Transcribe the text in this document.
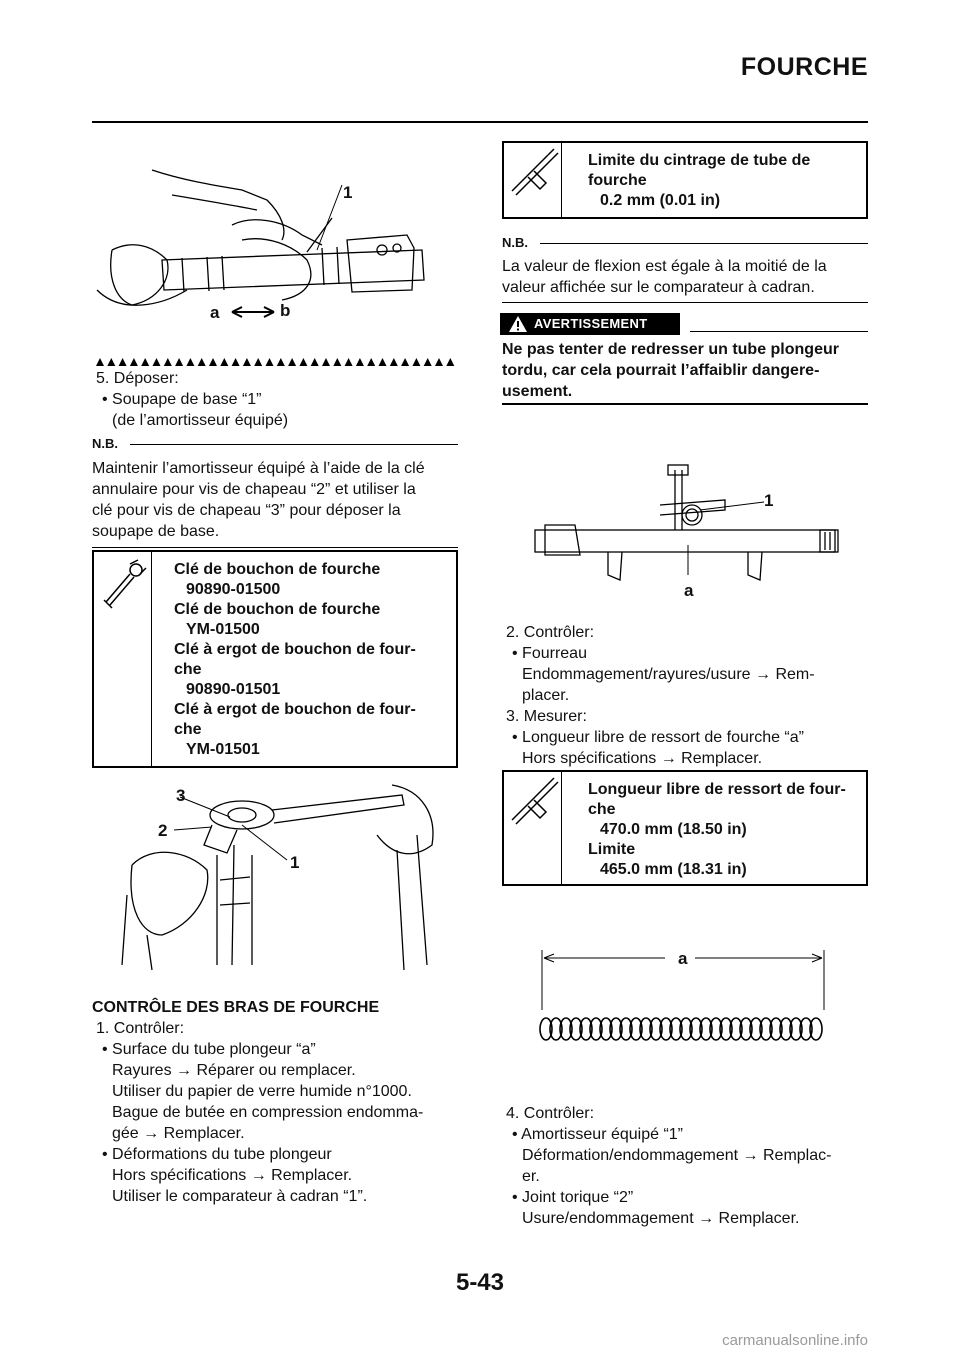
FOURCHE
1
a	b
5. Déposer:
• Soupape de base “1”
(de l’amortisseur équipé)
N.B.
Maintenir l’amortisseur équipé à l’aide de la clé
annulaire pour vis de chapeau “2” et utiliser la
clé pour vis de chapeau “3” pour déposer la
soupape de base.
Clé de bouchon de fourche
90890-01500
Clé de bouchon de fourche
YM-01500
Clé à ergot de bouchon de four-
che
90890-01501
Clé à ergot de bouchon de four-
che
YM-01501
3
2
1
CONTRÔLE DES BRAS DE FOURCHE
1. Contrôler:
• Surface du tube plongeur “a”
Rayures → Réparer ou remplacer.
Utiliser du papier de verre humide n°1000.
Bague de butée en compression endomma-
gée → Remplacer.
• Déformations du tube plongeur
Hors spécifications → Remplacer.
Utiliser le comparateur à cadran “1”.
Limite du cintrage de tube de
fourche
0.2 mm (0.01 in)
N.B.
La valeur de flexion est égale à la moitié de la
valeur affichée sur le comparateur à cadran.
AVERTISSEMENT
Ne pas tenter de redresser un tube plongeur
tordu, car cela pourrait l’affaiblir dangere-
usement.
1
a
2. Contrôler:
• Fourreau
Endommagement/rayures/usure → Rem-
placer.
3. Mesurer:
• Longueur libre de ressort de fourche “a”
Hors spécifications → Remplacer.
Longueur libre de ressort de four-
che
470.0 mm (18.50 in)
Limite
465.0 mm (18.31 in)
a
4. Contrôler:
• Amortisseur équipé “1”
Déformation/endommagement → Remplac-
er.
• Joint torique “2”
Usure/endommagement → Remplacer.
5-43
carmanualsonline.info
